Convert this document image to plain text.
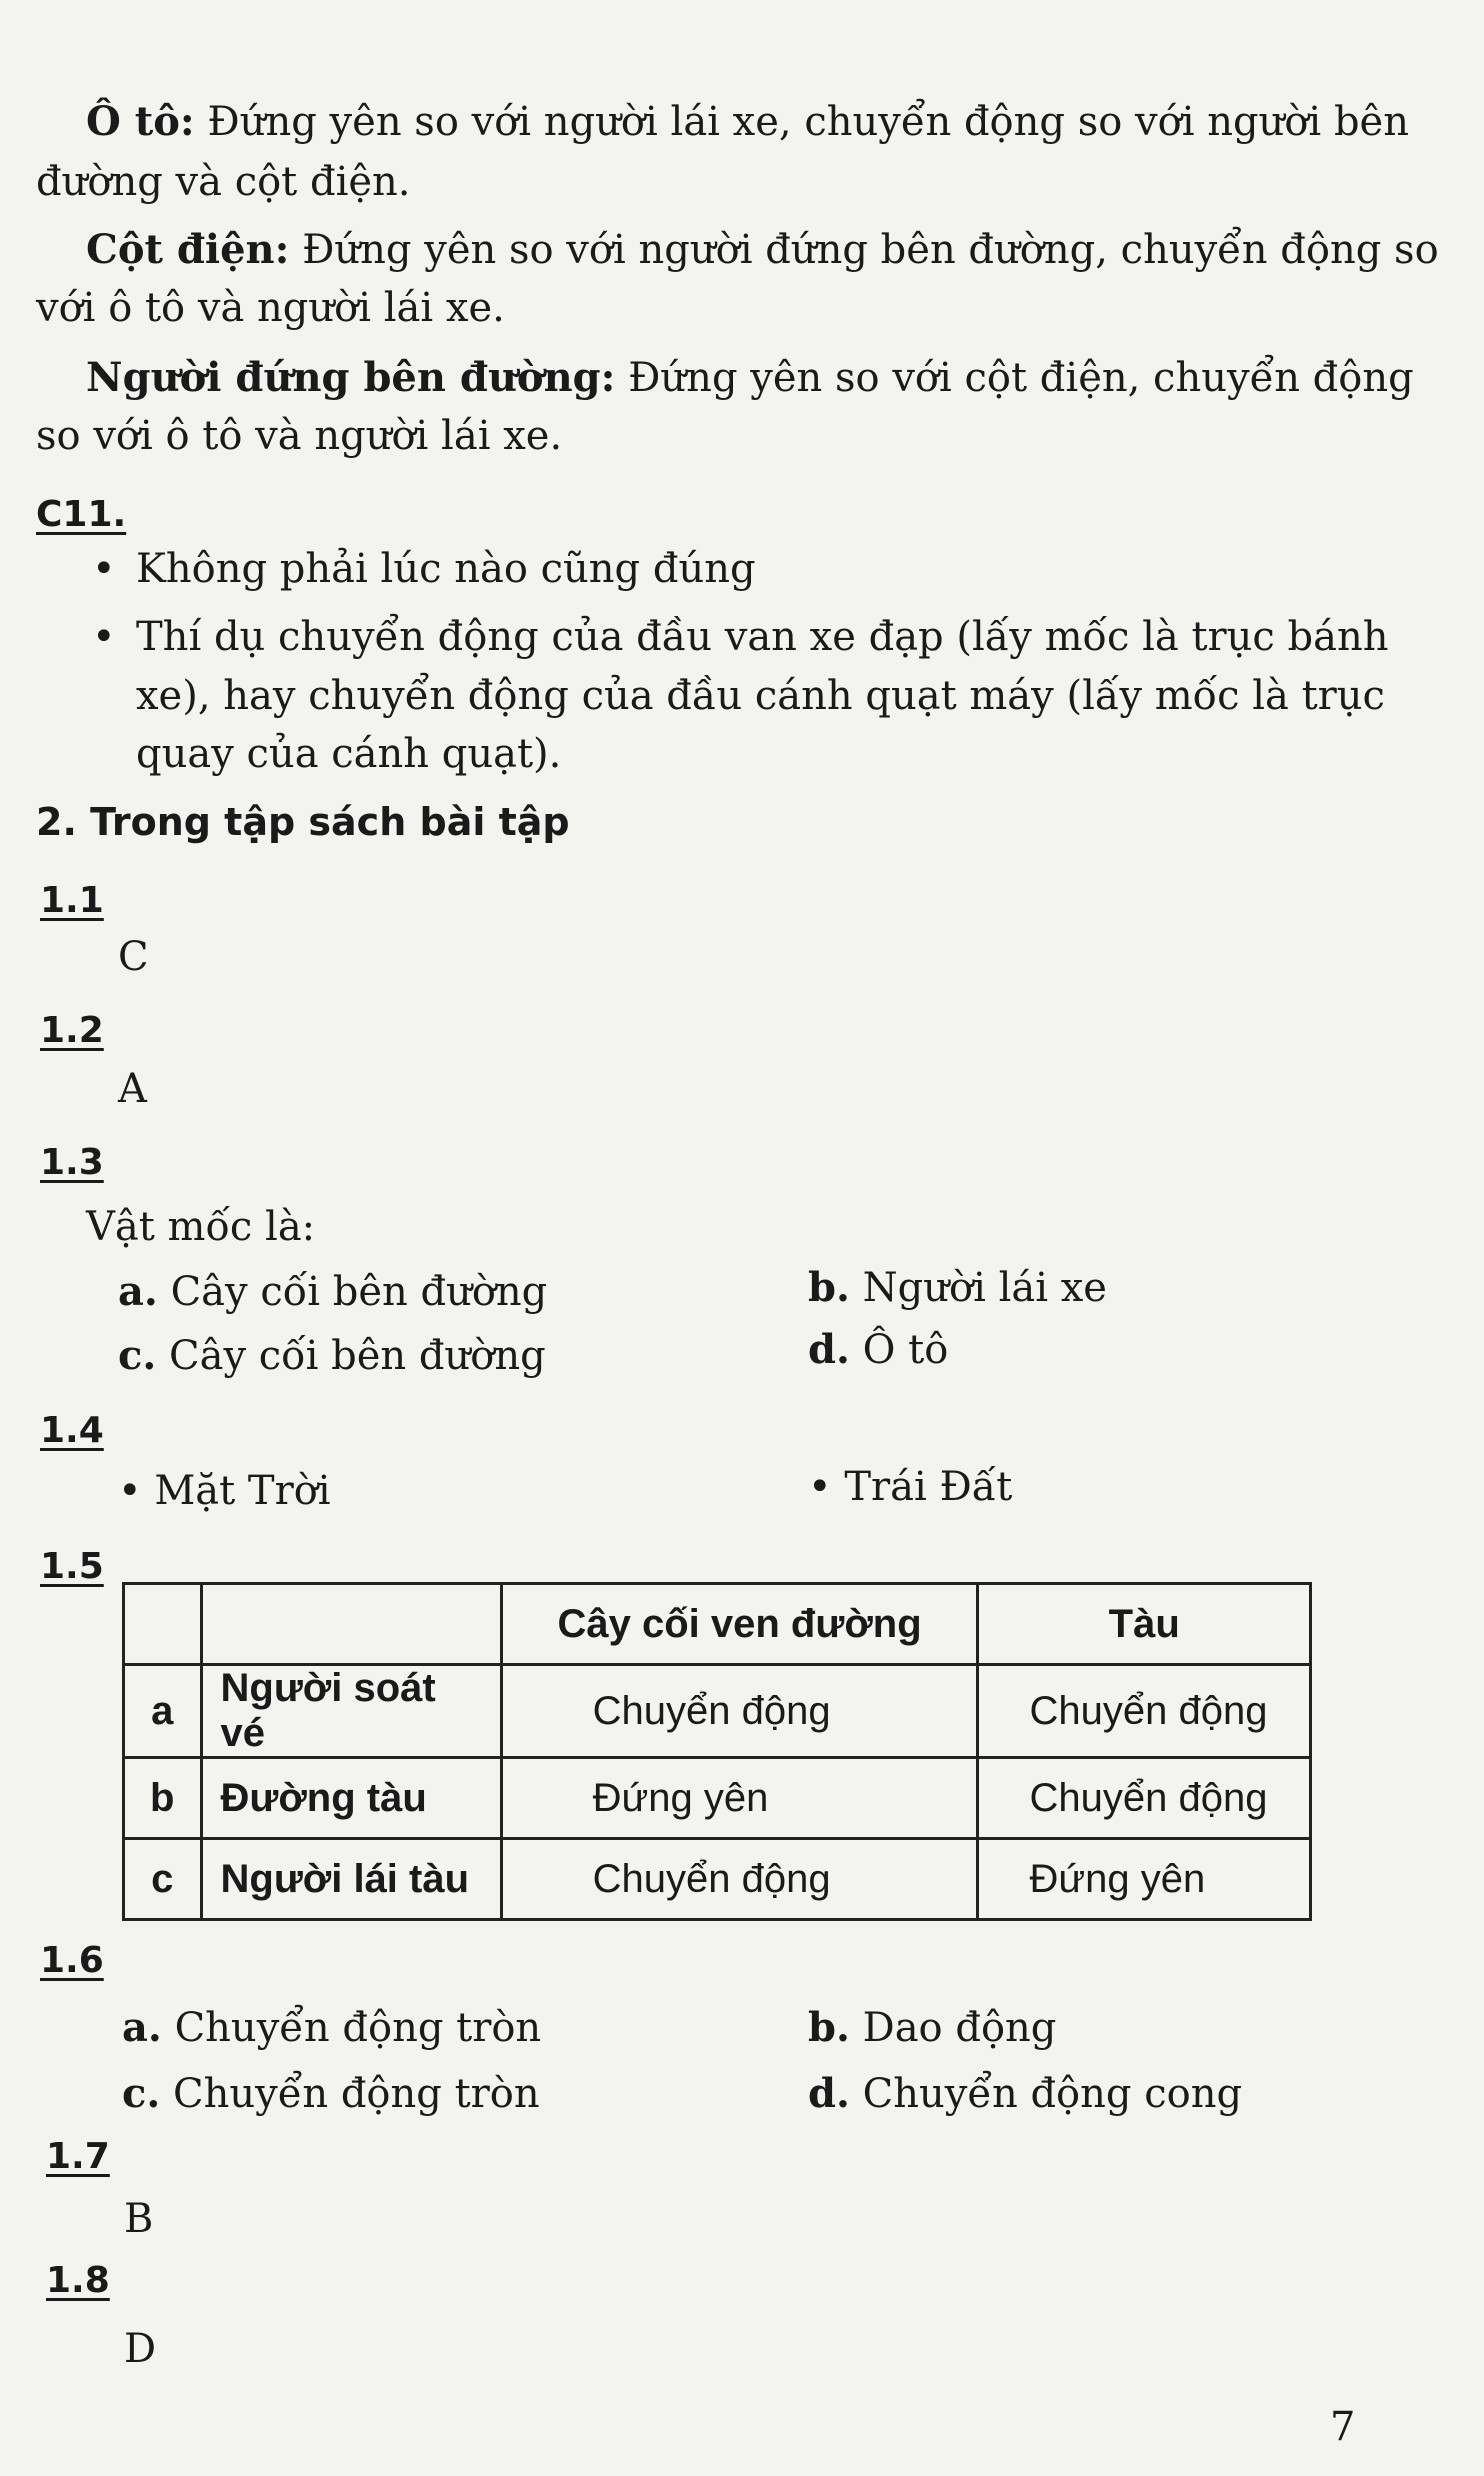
Ô tô: Đứng yên so với người lái xe, chuyển động so với người bên
đường và cột điện.
Cột điện: Đứng yên so với người đứng bên đường, chuyển động so
với ô tô và người lái xe.
Người đứng bên đường: Đứng yên so với cột điện, chuyển động
so với ô tô và người lái xe.
C11.
• Không phải lúc nào cũng đúng
• Thí dụ chuyển động của đầu van xe đạp (lấy mốc là trục bánh
xe), hay chuyển động của đầu cánh quạt máy (lấy mốc là trục
quay của cánh quạt).
2. Trong tập sách bài tập
1.1
C
1.2
A
1.3
Vật mốc là:
a. Cây cối bên đường	b. Người lái xe
c. Cây cối bên đường	d. Ô tô
1.4
• Mặt Trời	• Trái Đất
1.5
		Cây cối ven đường	Tàu
a	Người soát vé	Chuyển động	Chuyển động
b	Đường tàu	Đứng yên	Chuyển động
c	Người lái tàu	Chuyển động	Đứng yên
1.6
a. Chuyển động tròn	b. Dao động
c. Chuyển động tròn	d. Chuyển động cong
1.7
B
1.8
D
7
